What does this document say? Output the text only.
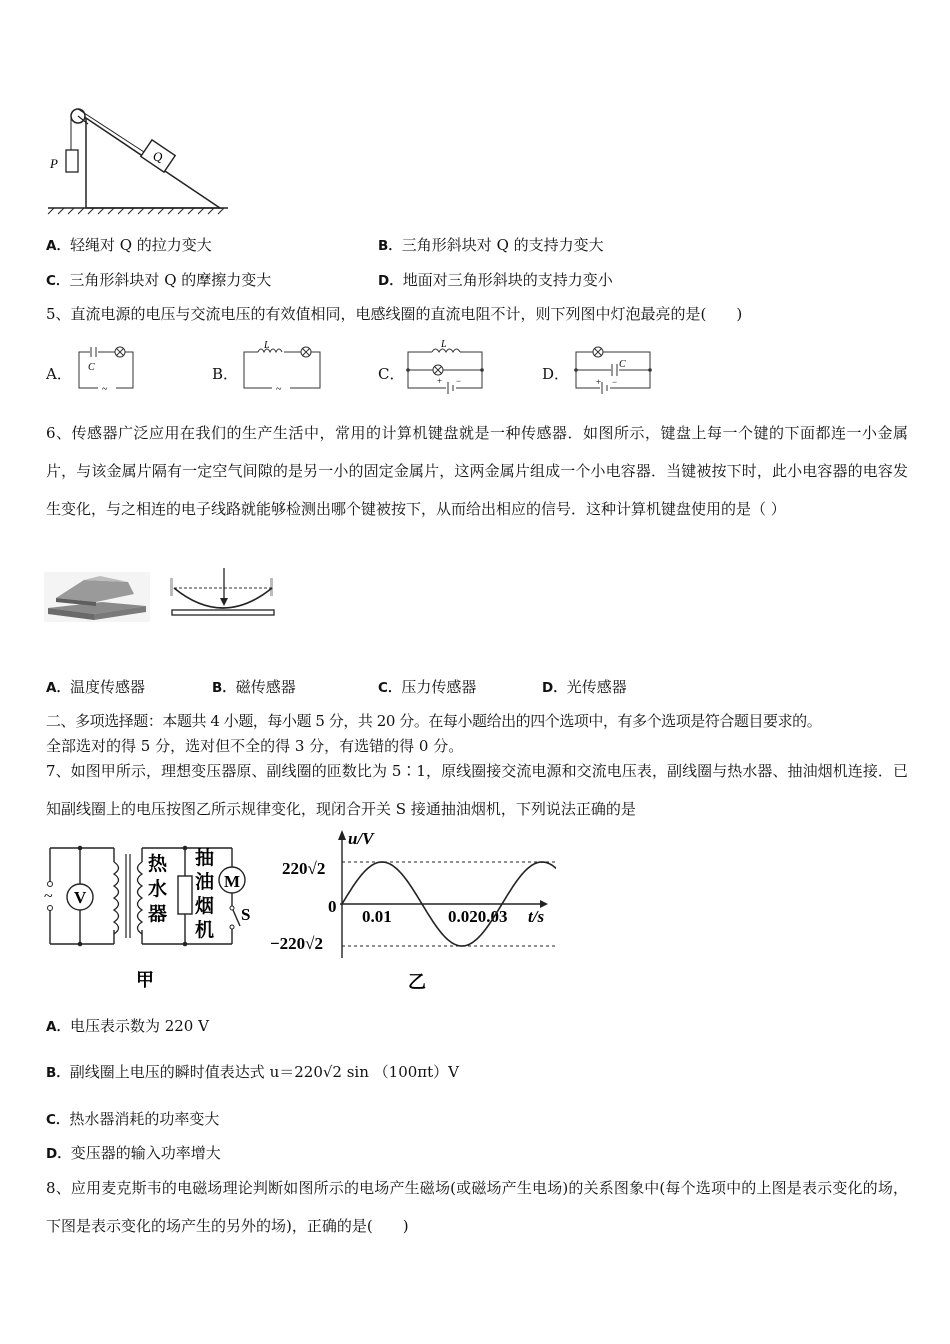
P	Q
A．轻绳对 Q 的拉力变大	B．三角形斜块对 Q 的支持力变大
C．三角形斜块对 Q 的摩擦力变大	D．地面对三角形斜块的支持力变小
5、直流电源的电压与交流电压的有效值相同，电感线圈的直流电阻不计，则下列图中灯泡最亮的是(　　)
A． C
~
B．
L
~
C．
L
+ −	D．
C
+ −
6、传感器广泛应用在我们的生产生活中，常用的计算机键盘就是一种传感器．如图所示，键盘上每一个键的下面都连一小金属片，与该金属片隔有一定空气间隙的是另一小的固定金属片，这两金属片组成一个小电容器．当键被按下时，此小电容器的电容发生变化，与之相连的电子线路就能够检测出哪个键被按下，从而给出相应的信号．这种计算机键盘使用的是（ ）
A．温度传感器	B．磁传感器	C．压力传感器	D．光传感器
二、多项选择题：本题共 4 小题，每小题 5 分，共 20 分。在每小题给出的四个选项中，有多个选项是符合题目要求的。
全部选对的得 5 分，选对但不全的得 3 分，有选错的得 0 分。
7、如图甲所示，理想变压器原、副线圈的匝数比为 5∶1，原线圈接交流电源和交流电压表，副线圈与热水器、抽油烟机连接．已知副线圈上的电压按图乙所示规律变化，现闭合开关 S 接通抽油烟机，下列说法正确的是
~ V
M
S
热
水
器
抽
油
烟
机
甲
u/V
t/s
220√2
−220√2
0
0.01	0.020.03
乙
A．电压表示数为 220 V
B．副线圈上电压的瞬时值表达式 u＝220√2 sin （100πt）V
C．热水器消耗的功率变大
D．变压器的输入功率增大
8、应用麦克斯韦的电磁场理论判断如图所示的电场产生磁场(或磁场产生电场)的关系图象中(每个选项中的上图是表示变化的场，下图是表示变化的场产生的另外的场)，正确的是(　　)
